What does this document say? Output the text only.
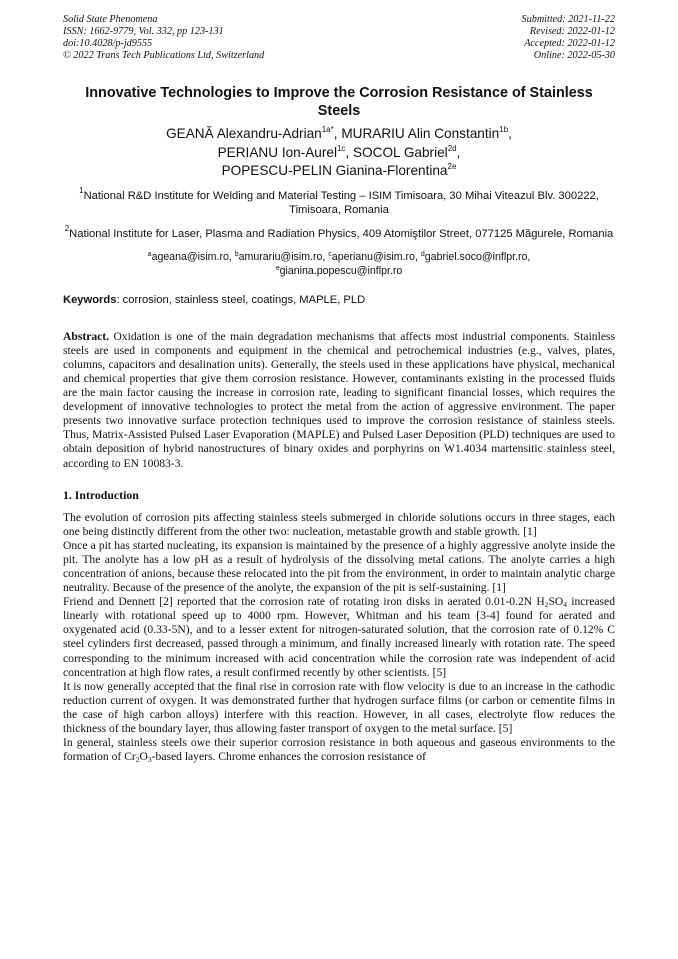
Solid State Phenomena
ISSN: 1662-9779, Vol. 332, pp 123-131
doi:10.4028/p-jd9555
© 2022 Trans Tech Publications Ltd, Switzerland
Submitted: 2021-11-22
Revised: 2022-01-12
Accepted: 2022-01-12
Online: 2022-05-30
Innovative Technologies to Improve the Corrosion Resistance of Stainless Steels
GEANĂ Alexandru-Adrian$^{1a*}$, MURARIU Alin Constantin$^{1b}$,
PERIANU Ion-Aurel$^{1c}$, SOCOL Gabriel$^{2d}$,
POPESCU-PELIN Gianina-Florentina$^{2e}$
$^1$National R&D Institute for Welding and Material Testing – ISIM Timisoara, 30 Mihai Viteazul Blv. 300222, Timisoara, Romania
$^2$National Institute for Laser, Plasma and Radiation Physics, 409 Atomiştilor Street, 077125 Măgurele, Romania
$^a$ageana@isim.ro, $^b$amurariu@isim.ro, $^c$aperianu@isim.ro, $^d$gabriel.soco@inflpr.ro,
$^e$gianina.popescu@inflpr.ro
Keywords: corrosion, stainless steel, coatings, MAPLE, PLD
Abstract. Oxidation is one of the main degradation mechanisms that affects most industrial components. Stainless steels are used in components and equipment in the chemical and petrochemical industries (e.g., valves, plates, columns, capacitors and desalination units). Generally, the steels used in these applications have physical, mechanical and chemical properties that give them corrosion resistance. However, contaminants existing in the processed fluids are the main factor causing the increase in corrosion rate, leading to significant financial losses, which requires the development of innovative technologies to protect the metal from the action of aggressive environment. The paper presents two innovative surface protection techniques used to improve the corrosion resistance of stainless steels. Thus, Matrix-Assisted Pulsed Laser Evaporation (MAPLE) and Pulsed Laser Deposition (PLD) techniques are used to obtain deposition of hybrid nanostructures of binary oxides and porphyrins on W1.4034 martensitic stainless steel, according to EN 10083-3.
1. Introduction
The evolution of corrosion pits affecting stainless steels submerged in chloride solutions occurs in three stages, each one being distinctly different from the other two: nucleation, metastable growth and stable growth. [1]
Once a pit has started nucleating, its expansion is maintained by the presence of a highly aggressive anolyte inside the pit. The anolyte has a low pH as a result of hydrolysis of the dissolving metal cations. The anolyte carries a high concentration of anions, because these relocated into the pit from the environment, in order to maintain analytic charge neutrality. Because of the presence of the anolyte, the expansion of the pit is self-sustaining. [1]
Friend and Dennett [2] reported that the corrosion rate of rotating iron disks in aerated 0.01-0.2N $H_2SO_4$ increased linearly with rotational speed up to 4000 rpm. However, Whitman and his team [3-4] found for aerated and oxygenated acid (0.33-5N), and to a lesser extent for nitrogen-saturated solution, that the corrosion rate of 0.12% C steel cylinders first decreased, passed through a minimum, and finally increased linearly with rotation rate. The speed corresponding to the minimum increased with acid concentration while the corrosion rate was independent of acid concentration at high flow rates, a result confirmed recently by other scientists. [5]
It is now generally accepted that the final rise in corrosion rate with flow velocity is due to an increase in the cathodic reduction current of oxygen. It was demonstrated further that hydrogen surface films (or carbon or cementite films in the case of high carbon alloys) interfere with this reaction. However, in all cases, electrolyte flow reduces the thickness of the boundary layer, thus allowing faster transport of oxygen to the metal surface. [5]
In general, stainless steels owe their superior corrosion resistance in both aqueous and gaseous environments to the formation of $Cr_2O_3$-based layers. Chrome enhances the corrosion resistance of
